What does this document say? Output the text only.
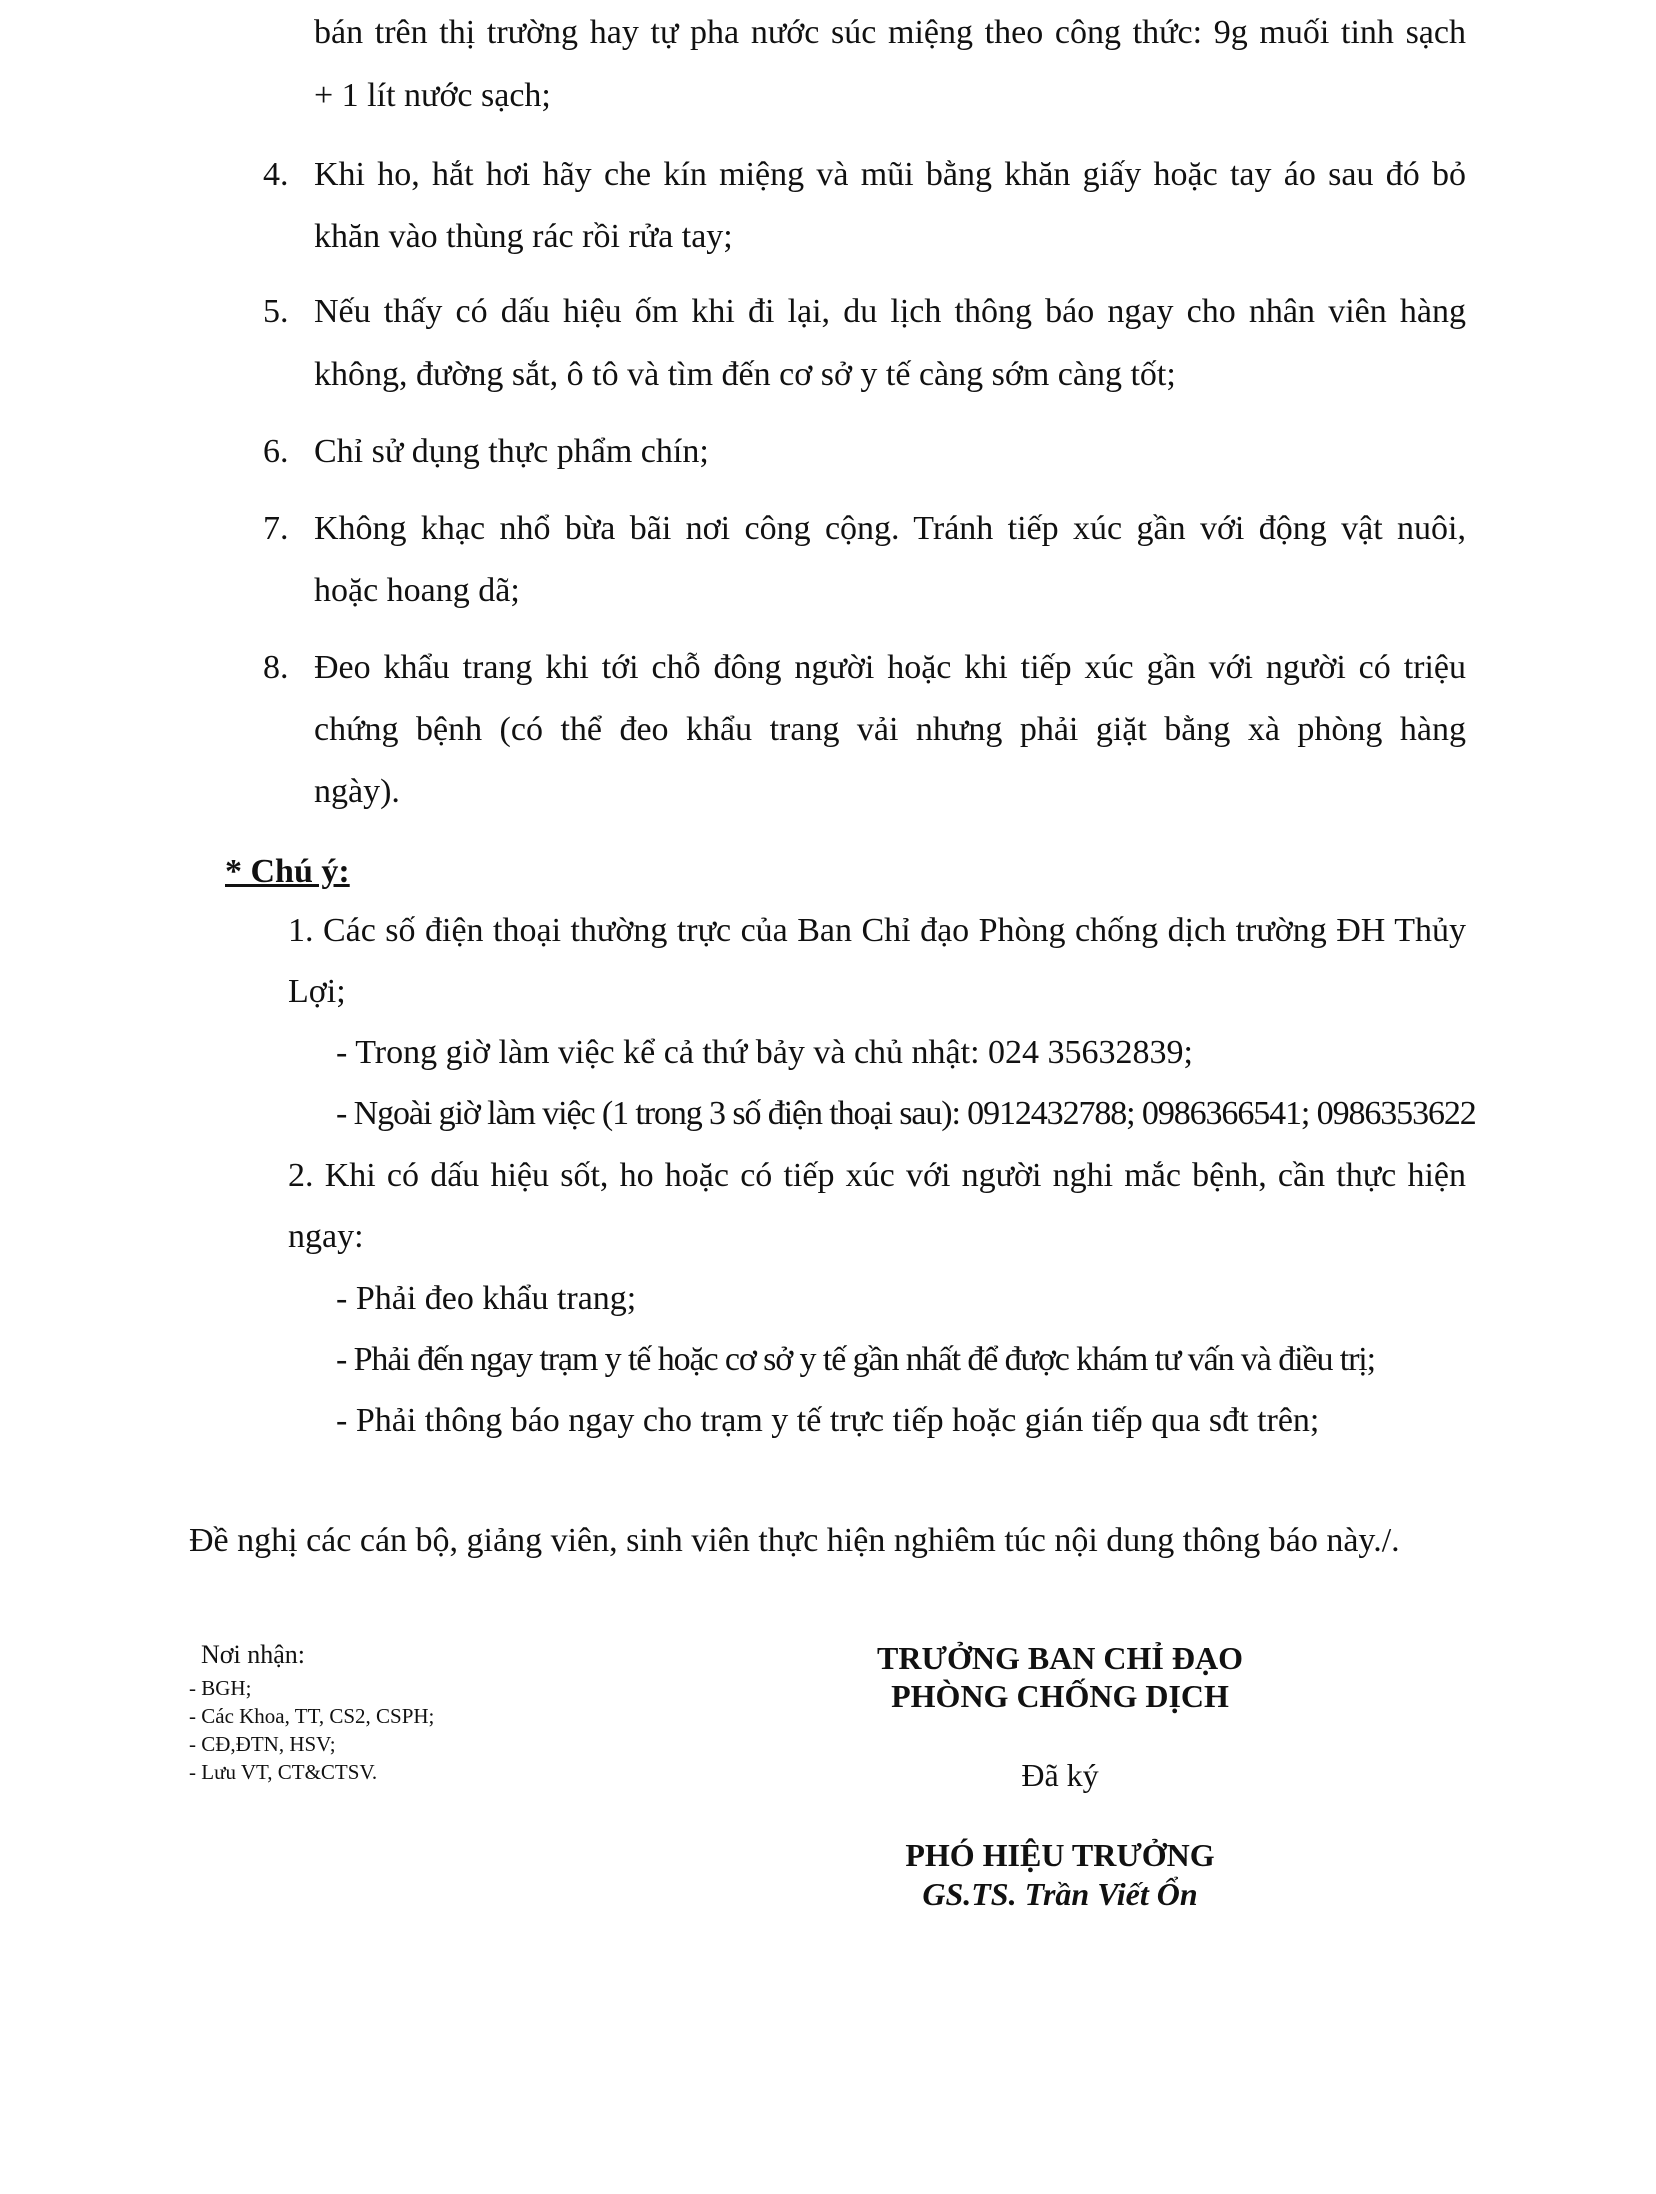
bán trên thị trường hay tự pha nước súc miệng theo công thức: 9g muối tinh sạch
+ 1 lít nước sạch;
4. Khi ho, hắt hơi hãy che kín miệng và mũi bằng khăn giấy hoặc tay áo sau đó bỏ
khăn vào thùng rác rồi rửa tay;
5. Nếu thấy có dấu hiệu ốm khi đi lại, du lịch thông báo ngay cho nhân viên hàng
không, đường sắt, ô tô và tìm đến cơ sở y tế càng sớm càng tốt;
6. Chỉ sử dụng thực phẩm chín;
7. Không khạc nhổ bừa bãi nơi công cộng. Tránh tiếp xúc gần với động vật nuôi,
hoặc hoang dã;
8. Đeo khẩu trang khi tới chỗ đông người hoặc khi tiếp xúc gần với người có triệu
chứng bệnh (có thể đeo khẩu trang vải nhưng phải giặt bằng xà phòng hàng
ngày).
* Chú ý:
1. Các số điện thoại thường trực của Ban Chỉ đạo Phòng chống dịch trường ĐH Thủy
Lợi;
- Trong giờ làm việc kể cả thứ bảy và chủ nhật: 024 35632839;
- Ngoài giờ làm việc (1 trong 3 số điện thoại sau): 0912432788; 0986366541; 0986353622
2. Khi có dấu hiệu sốt, ho hoặc có tiếp xúc với người nghi mắc bệnh, cần thực hiện
ngay:
- Phải đeo khẩu trang;
- Phải đến ngay trạm y tế hoặc cơ sở y tế gần nhất để được khám tư vấn và điều trị;
- Phải thông báo ngay cho trạm y tế trực tiếp hoặc gián tiếp qua sđt trên;
Đề nghị các cán bộ, giảng viên, sinh viên thực hiện nghiêm túc nội dung thông báo này./.
Nơi nhận:
- BGH;
- Các Khoa, TT, CS2, CSPH;
- CĐ,ĐTN, HSV;
- Lưu VT, CT&CTSV.
TRƯỞNG BAN CHỈ ĐẠO
PHÒNG CHỐNG DỊCH
Đã ký
PHÓ HIỆU TRƯỞNG
GS.TS. Trần Viết Ổn
